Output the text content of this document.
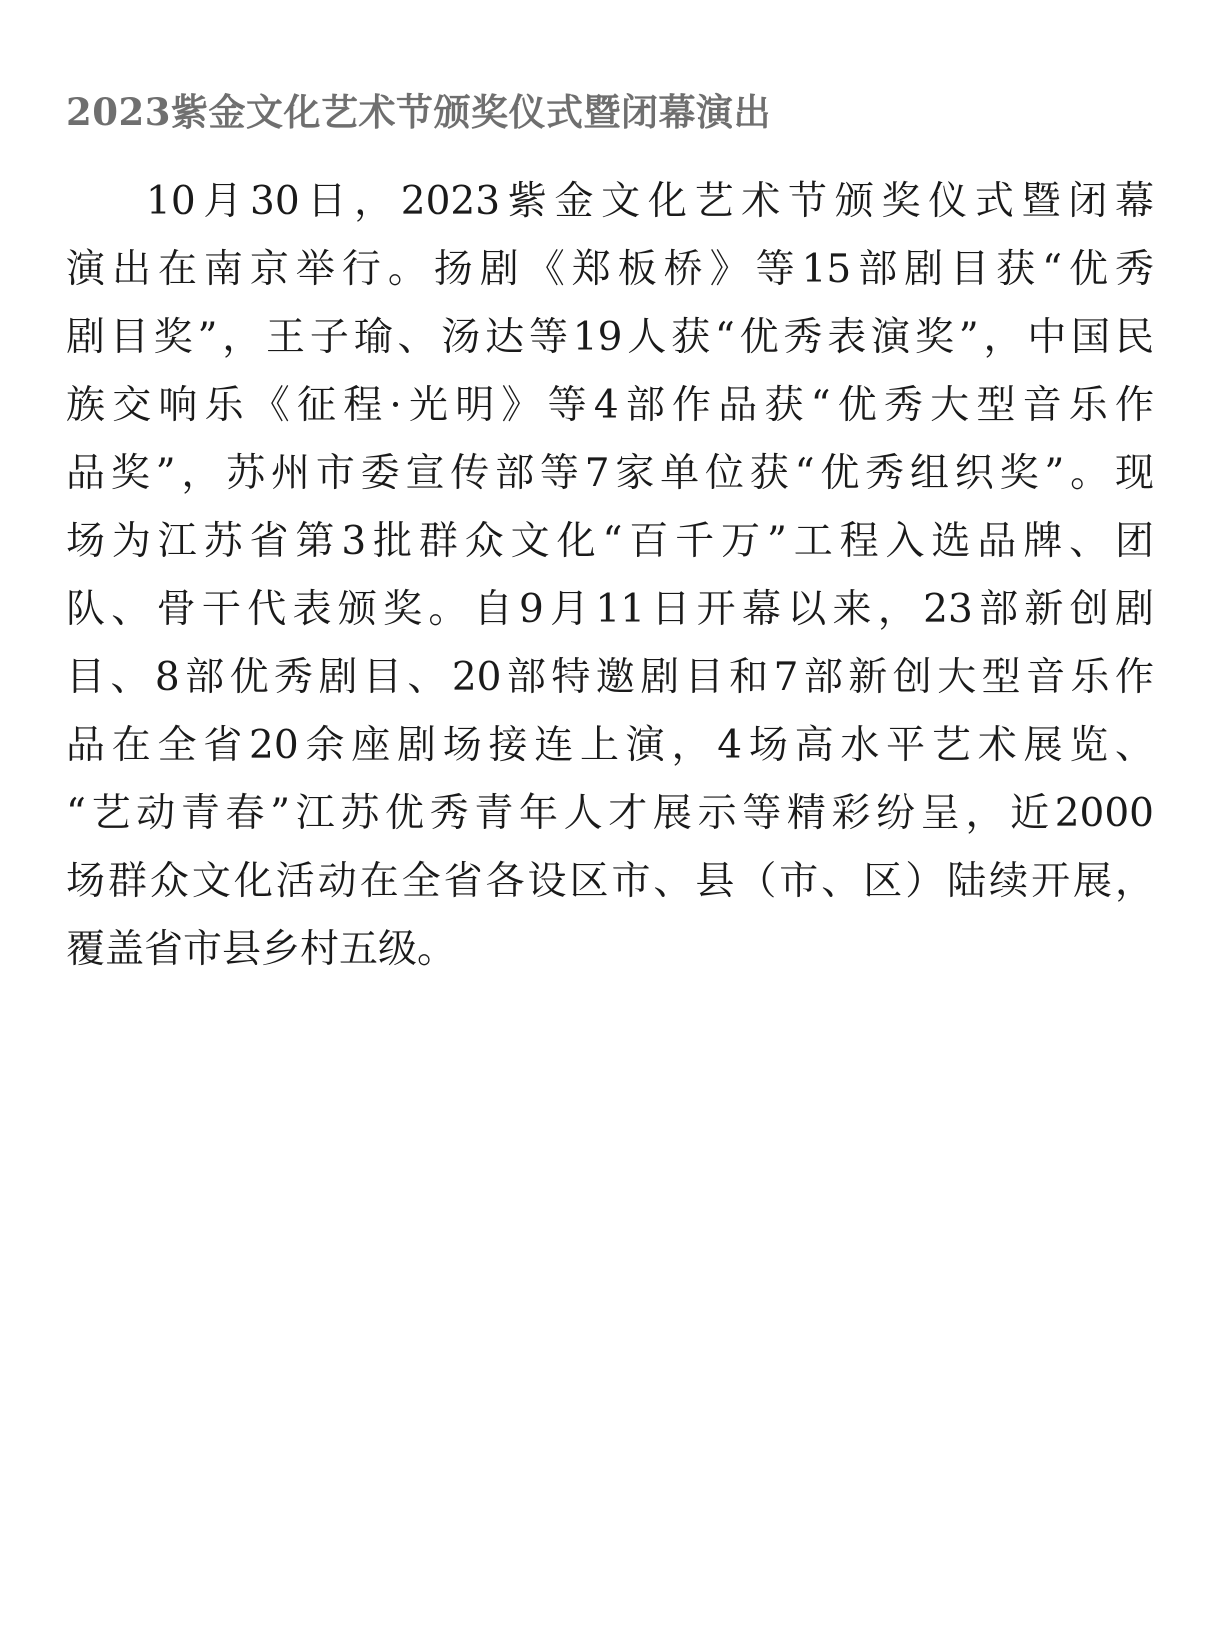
2023紫金文化艺术节颁奖仪式暨闭幕演出
10月30日，2023紫金文化艺术节颁奖仪式暨闭幕
演出在南京举行。扬剧《郑板桥》等15部剧目获“优秀
剧目奖”，王子瑜、汤达等19人获“优秀表演奖”，中国民
族交响乐《征程·光明》等4部作品获“优秀大型音乐作
品奖”，苏州市委宣传部等7家单位获“优秀组织奖”。现
场为江苏省第3批群众文化“百千万”工程入选品牌、团
队、骨干代表颁奖。自9月11日开幕以来，23部新创剧
目、8部优秀剧目、20部特邀剧目和7部新创大型音乐作
品在全省20余座剧场接连上演，4场高水平艺术展览、
“艺动青春”江苏优秀青年人才展示等精彩纷呈，近2000
场群众文化活动在全省各设区市、县（市、区）陆续开展，
覆盖省市县乡村五级。
